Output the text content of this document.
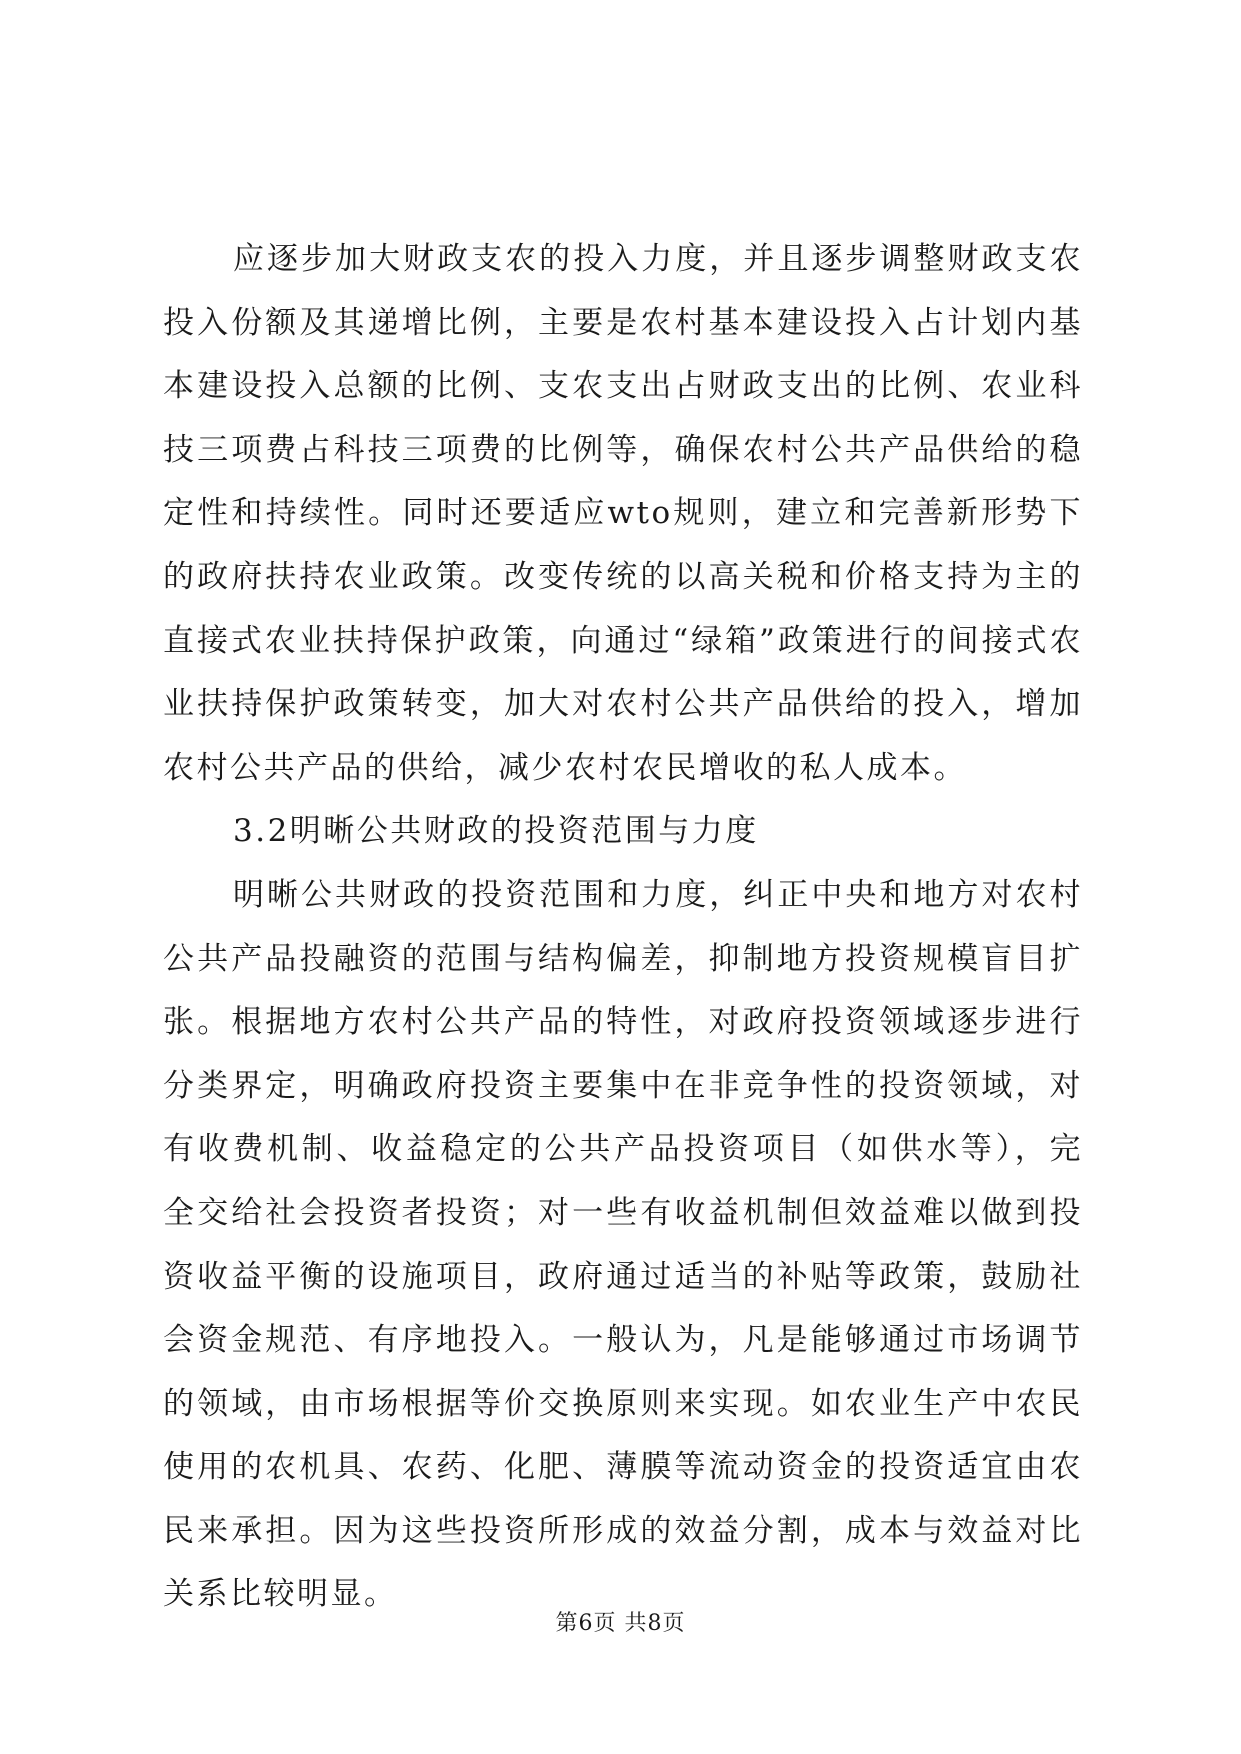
应逐步加大财政支农的投入力度，并且逐步调整财政支农投入份额及其递增比例，主要是农村基本建设投入占计划内基本建设投入总额的比例、支农支出占财政支出的比例、农业科技三项费占科技三项费的比例等，确保农村公共产品供给的稳定性和持续性。同时还要适应wto规则，建立和完善新形势下的政府扶持农业政策。改变传统的以高关税和价格支持为主的直接式农业扶持保护政策，向通过“绿箱”政策进行的间接式农业扶持保护政策转变，加大对农村公共产品供给的投入，增加农村公共产品的供给，减少农村农民增收的私人成本。

3.2明晰公共财政的投资范围与力度

明晰公共财政的投资范围和力度，纠正中央和地方对农村公共产品投融资的范围与结构偏差，抑制地方投资规模盲目扩张。根据地方农村公共产品的特性，对政府投资领域逐步进行分类界定，明确政府投资主要集中在非竞争性的投资领域，对有收费机制、收益稳定的公共产品投资项目（如供水等），完全交给社会投资者投资；对一些有收益机制但效益难以做到投资收益平衡的设施项目，政府通过适当的补贴等政策，鼓励社会资金规范、有序地投入。一般认为，凡是能够通过市场调节的领域，由市场根据等价交换原则来实现。如农业生产中农民使用的农机具、农药、化肥、薄膜等流动资金的投资适宜由农民来承担。因为这些投资所形成的效益分割，成本与效益对比关系比较明显。

第6页 共8页
